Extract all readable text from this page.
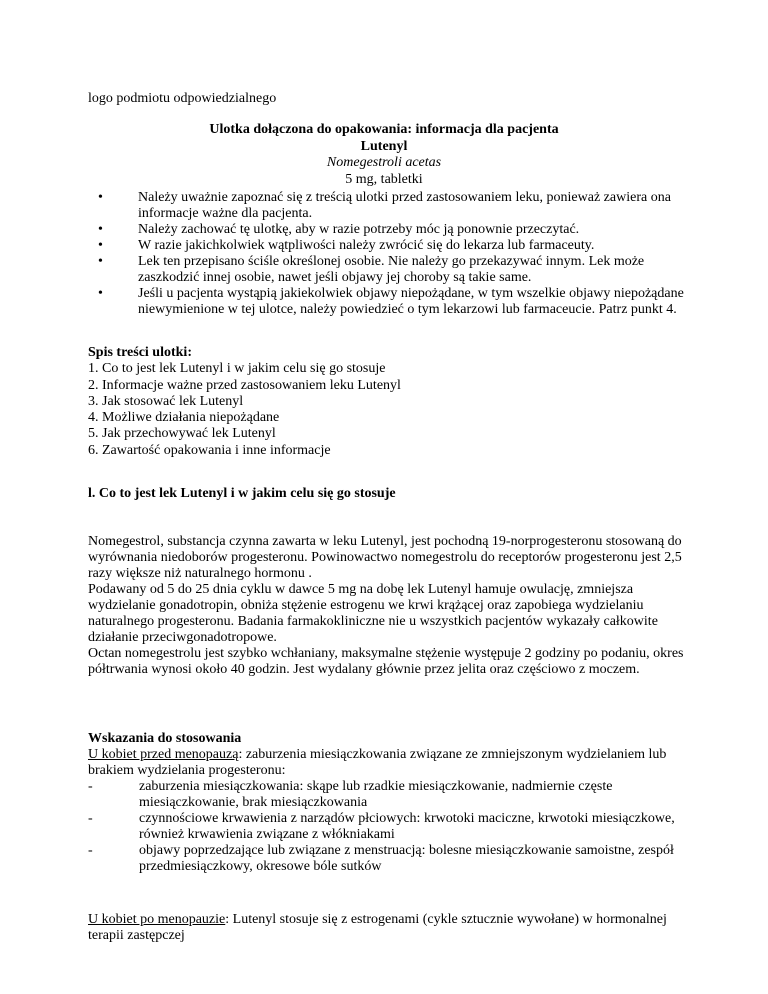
logo podmiotu odpowiedzialnego
Ulotka dołączona do opakowania: informacja dla pacjenta
Lutenyl
Nomegestroli acetas
5 mg, tabletki
•	Należy uważnie zapoznać się z treścią ulotki przed zastosowaniem leku, ponieważ zawiera ona informacje ważne dla pacjenta.
•	Należy zachować tę ulotkę, aby w razie potrzeby móc ją ponownie przeczytać.
•	W razie jakichkolwiek wątpliwości należy zwrócić się do lekarza lub farmaceuty.
•	Lek ten przepisano ściśle określonej osobie. Nie należy go przekazywać innym. Lek może zaszkodzić innej osobie, nawet jeśli objawy jej choroby są takie same.
•	Jeśli u pacjenta wystąpią jakiekolwiek objawy niepożądane, w tym wszelkie objawy niepożądane niewymienione w tej ulotce, należy powiedzieć o tym lekarzowi lub farmaceucie. Patrz punkt 4.
Spis treści ulotki:
1. Co to jest lek Lutenyl i w jakim celu się go stosuje
2. Informacje ważne przed zastosowaniem leku Lutenyl
3. Jak stosować lek Lutenyl
4. Możliwe działania niepożądane
5. Jak przechowywać lek Lutenyl
6. Zawartość opakowania i inne informacje
l. Co to jest lek Lutenyl i w jakim celu się go stosuje
Nomegestrol, substancja czynna zawarta w leku Lutenyl, jest pochodną 19-norprogesteronu stosowaną do wyrównania niedoborów progesteronu. Powinowactwo nomegestrolu do receptorów progesteronu jest 2,5 razy większe niż naturalnego hormonu .
Podawany od 5 do 25 dnia cyklu w dawce 5 mg na dobę lek Lutenyl hamuje owulację, zmniejsza wydzielanie gonadotropin, obniża stężenie estrogenu we krwi krążącej oraz zapobiega wydzielaniu naturalnego progesteronu. Badania farmakokliniczne nie u wszystkich pacjentów wykazały całkowite działanie przeciwgonadotropowe.
Octan nomegestrolu jest szybko wchłaniany, maksymalne stężenie występuje 2 godziny po podaniu, okres półtrwania wynosi około 40 godzin. Jest wydalany głównie przez jelita oraz częściowo z moczem.
Wskazania do stosowania
U kobiet przed menopauzą: zaburzenia miesiączkowania związane ze zmniejszonym wydzielaniem lub brakiem wydzielania progesteronu:
-	zaburzenia miesiączkowania: skąpe lub rzadkie miesiączkowanie, nadmiernie częste miesiączkowanie, brak miesiączkowania
-	czynnościowe krwawienia z narządów płciowych: krwotoki maciczne, krwotoki miesiączkowe, również krwawienia związane z włókniakami
-	objawy poprzedzające lub związane z menstruacją: bolesne miesiączkowanie samoistne, zespół przedmiesiączkowy, okresowe bóle sutków
U kobiet po menopauzie: Lutenyl stosuje się z estrogenami (cykle sztucznie wywołane) w hormonalnej terapii zastępczej
